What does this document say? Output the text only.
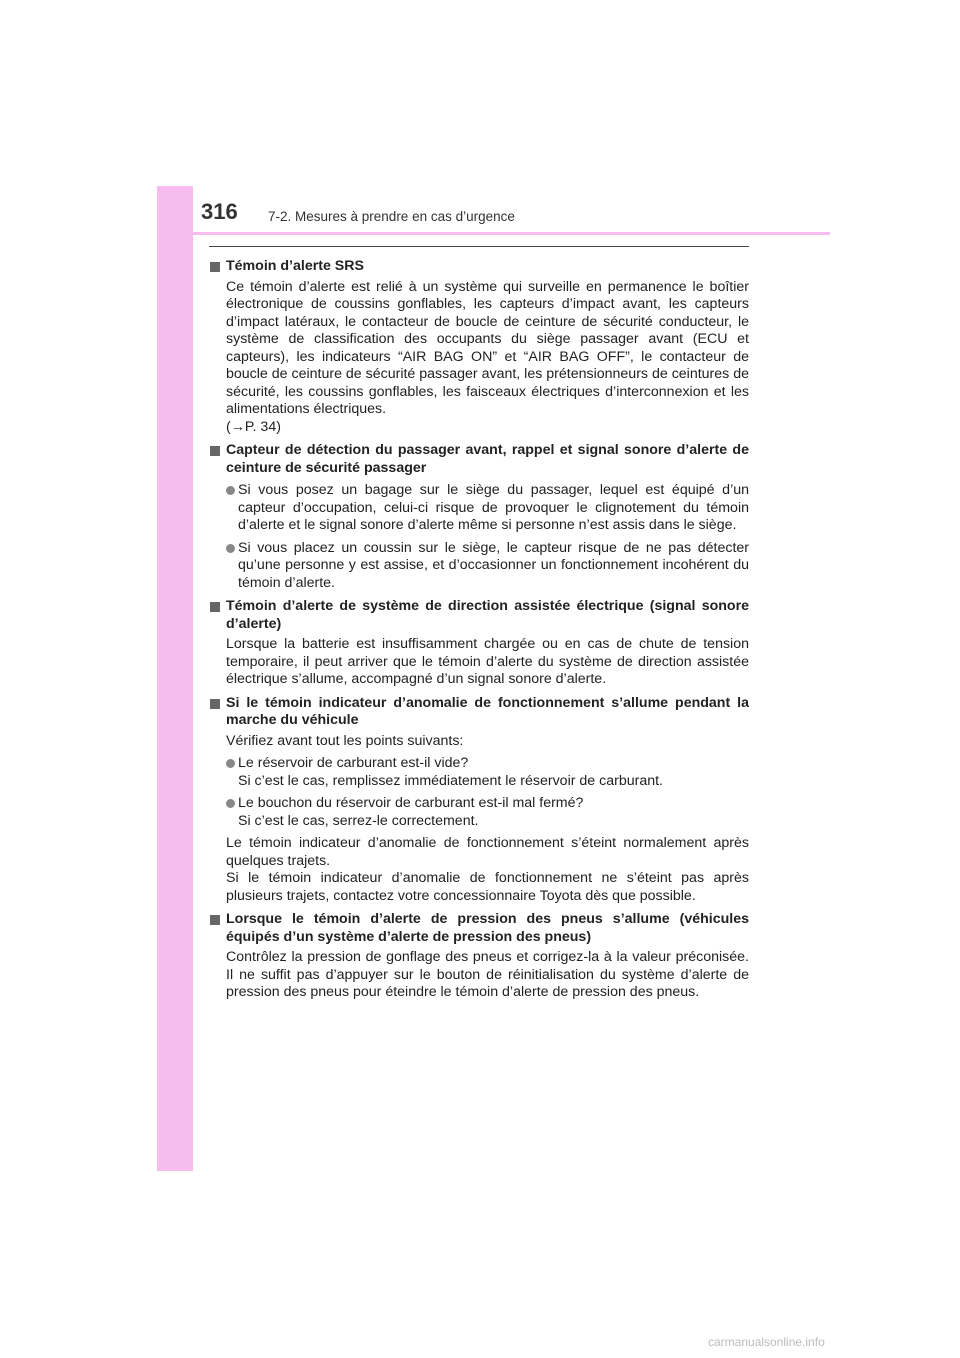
316 7-2. Mesures à prendre en cas d’urgence
Témoin d’alerte SRS
Ce témoin d’alerte est relié à un système qui surveille en permanence le boîtier électronique de coussins gonflables, les capteurs d’impact avant, les capteurs d’impact latéraux, le contacteur de boucle de ceinture de sécurité conducteur, le système de classification des occupants du siège passager avant (ECU et capteurs), les indicateurs “AIR BAG ON” et “AIR BAG OFF”, le contacteur de boucle de ceinture de sécurité passager avant, les prétensionneurs de ceintures de sécurité, les coussins gonflables, les faisceaux électriques d’interconnexion et les alimentations électriques.
(→P. 34)
Capteur de détection du passager avant, rappel et signal sonore d’alerte de ceinture de sécurité passager
Si vous posez un bagage sur le siège du passager, lequel est équipé d’un capteur d’occupation, celui-ci risque de provoquer le clignotement du témoin d’alerte et le signal sonore d’alerte même si personne n’est assis dans le siège.
Si vous placez un coussin sur le siège, le capteur risque de ne pas détecter qu’une personne y est assise, et d’occasionner un fonctionnement incohérent du témoin d’alerte.
Témoin d’alerte de système de direction assistée électrique (signal sonore d’alerte)
Lorsque la batterie est insuffisamment chargée ou en cas de chute de tension temporaire, il peut arriver que le témoin d’alerte du système de direction assistée électrique s’allume, accompagné d’un signal sonore d’alerte.
Si le témoin indicateur d’anomalie de fonctionnement s’allume pendant la marche du véhicule
Vérifiez avant tout les points suivants:
Le réservoir de carburant est-il vide?
Si c’est le cas, remplissez immédiatement le réservoir de carburant.
Le bouchon du réservoir de carburant est-il mal fermé?
Si c’est le cas, serrez-le correctement.
Le témoin indicateur d’anomalie de fonctionnement s’éteint normalement après quelques trajets.
Si le témoin indicateur d’anomalie de fonctionnement ne s’éteint pas après plusieurs trajets, contactez votre concessionnaire Toyota dès que possible.
Lorsque le témoin d’alerte de pression des pneus s’allume (véhicules équipés d’un système d’alerte de pression des pneus)
Contrôlez la pression de gonflage des pneus et corrigez-la à la valeur préconisée. Il ne suffit pas d’appuyer sur le bouton de réinitialisation du système d’alerte de pression des pneus pour éteindre le témoin d’alerte de pression des pneus.
carmanualsonline.info
